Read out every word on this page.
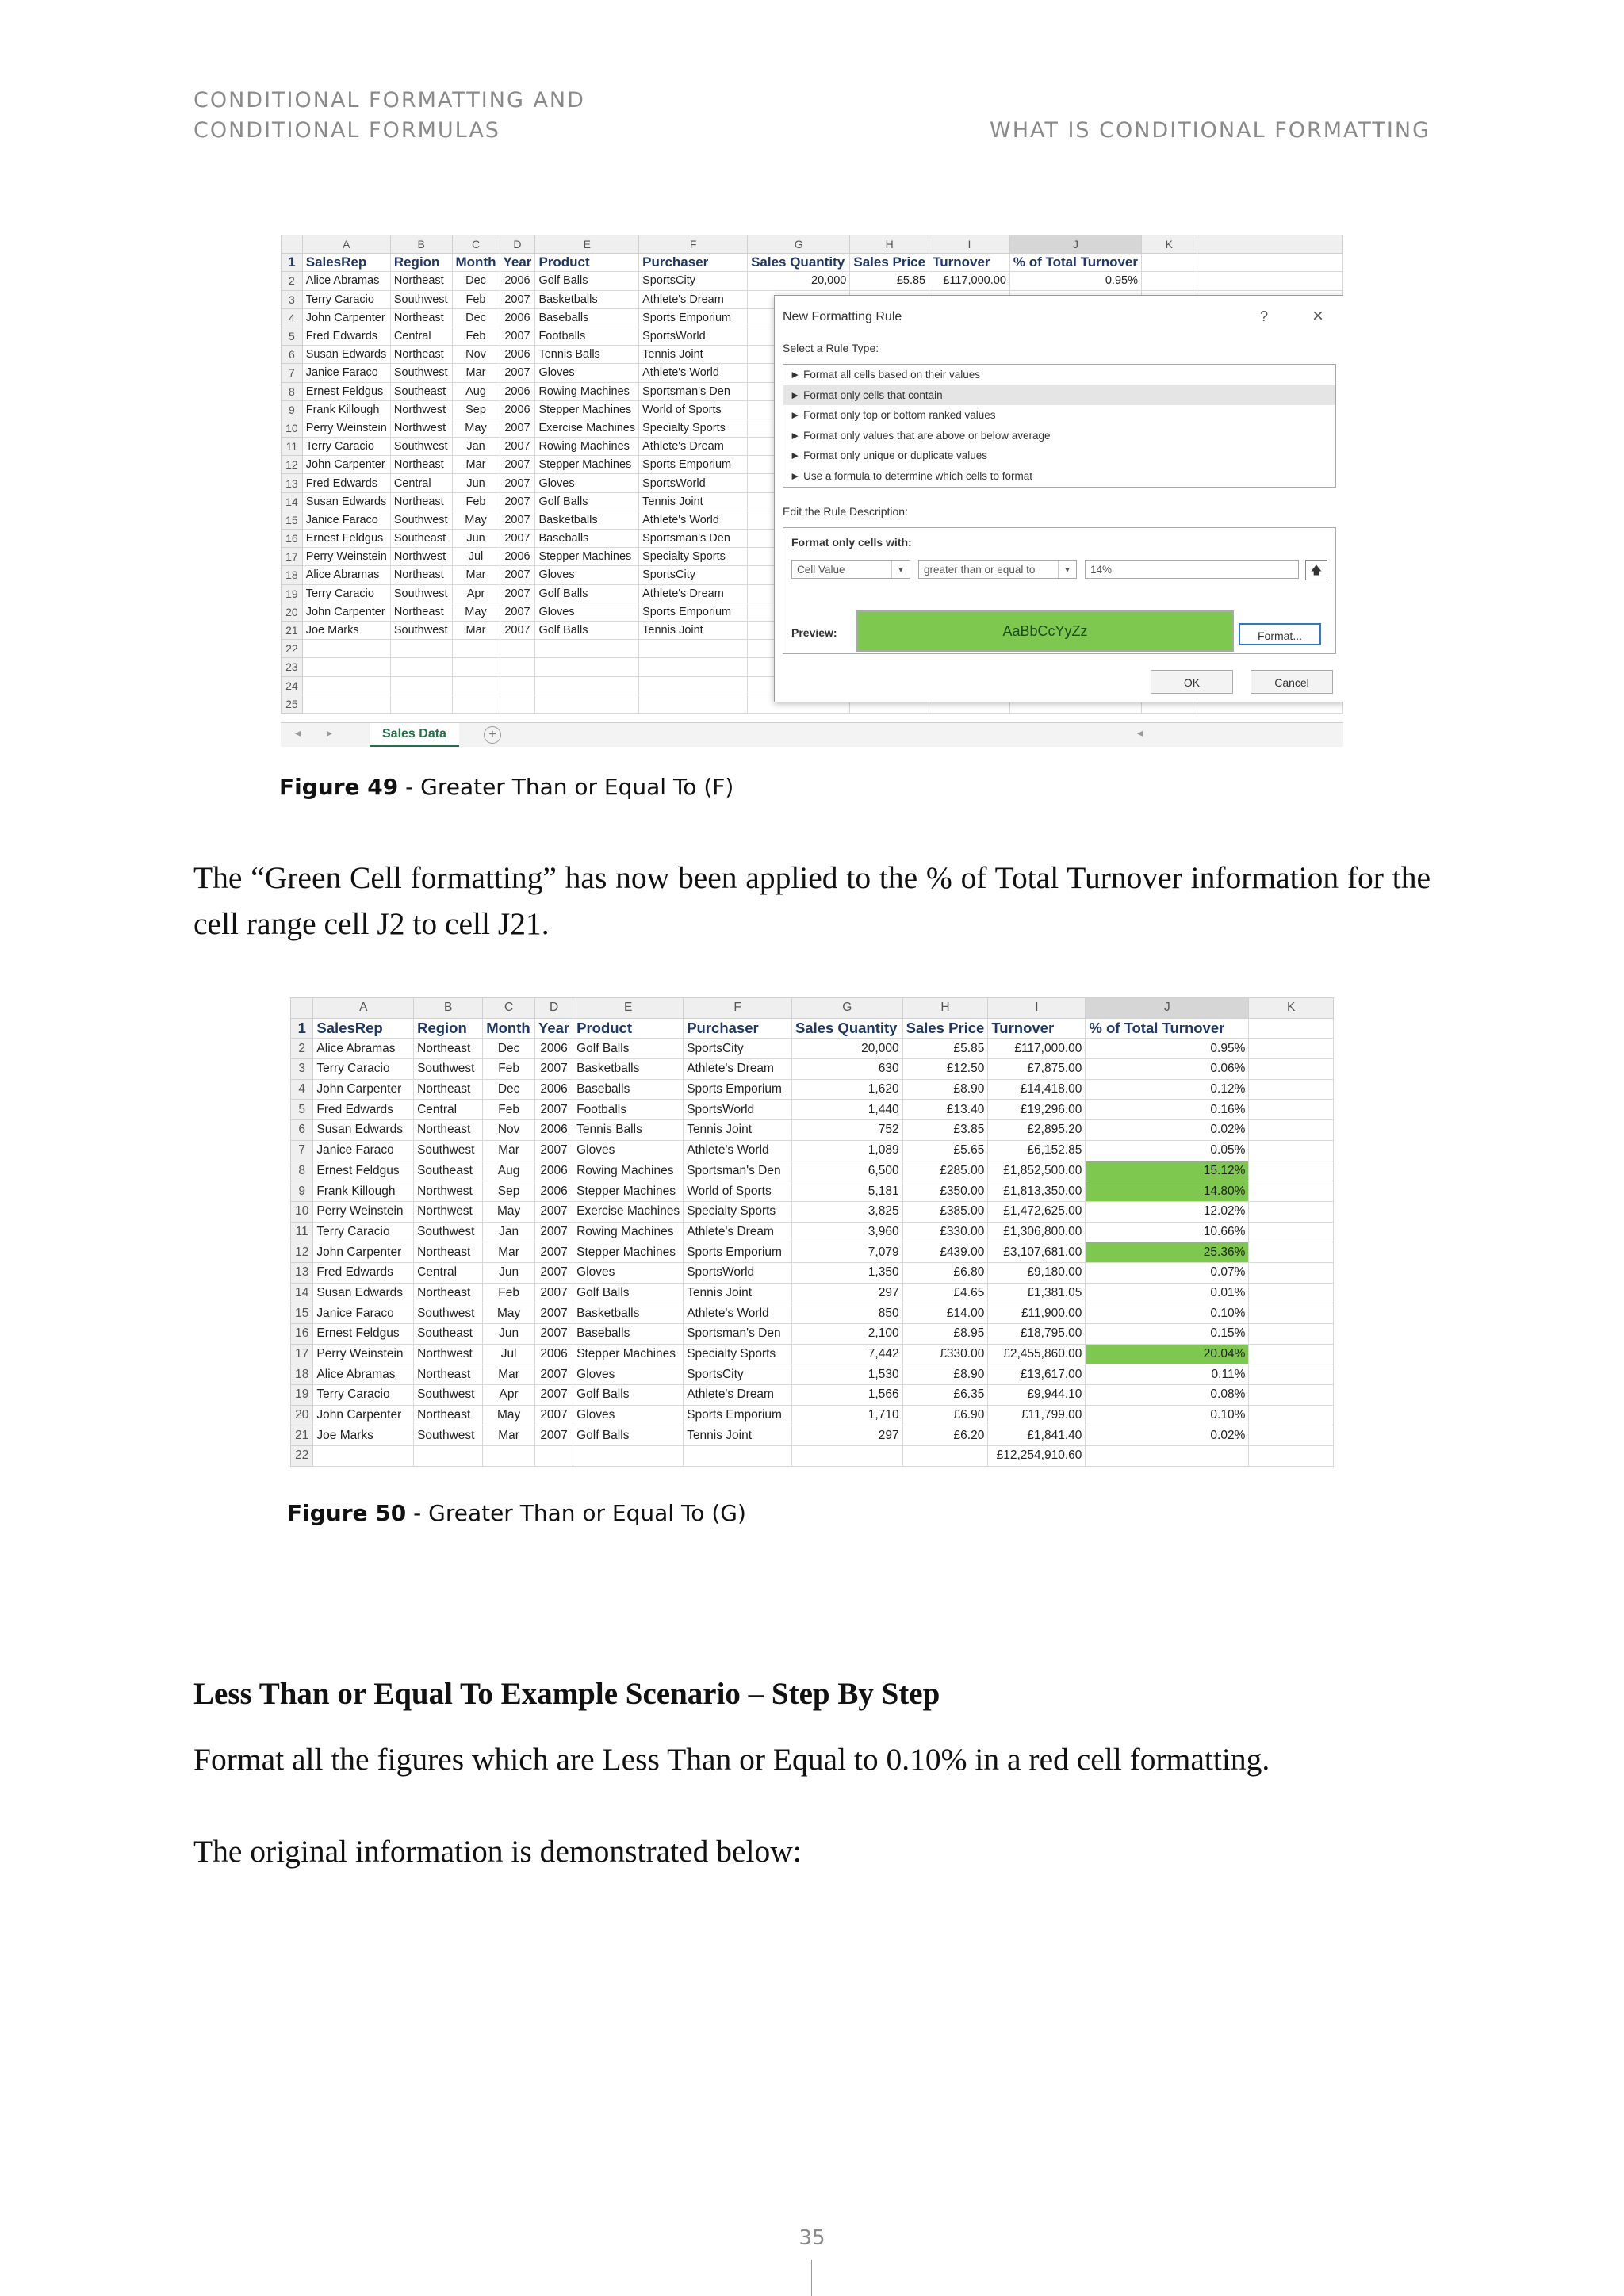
CONDITIONAL FORMATTING AND
CONDITIONAL FORMULAS	WHAT IS CONDITIONAL FORMATTING
	A	B	C	D	E	F	G	H	I	J	K	
1	SalesRep	Region	Month	Year	Product	Purchaser	Sales Quantity	Sales Price	Turnover	% of Total Turnover		
2	Alice Abramas	Northeast	Dec	2006	Golf Balls	SportsCity	20,000	£5.85	£117,000.00	0.95%		
3	Terry Caracio	Southwest	Feb	2007	Basketballs	Athlete's Dream						
4	John Carpenter	Northeast	Dec	2006	Baseballs	Sports Emporium						
5	Fred Edwards	Central	Feb	2007	Footballs	SportsWorld						
6	Susan Edwards	Northeast	Nov	2006	Tennis Balls	Tennis Joint						
7	Janice Faraco	Southwest	Mar	2007	Gloves	Athlete's World						
8	Ernest Feldgus	Southeast	Aug	2006	Rowing Machines	Sportsman's Den						
9	Frank Killough	Northwest	Sep	2006	Stepper Machines	World of Sports						
10	Perry Weinstein	Northwest	May	2007	Exercise Machines	Specialty Sports						
11	Terry Caracio	Southwest	Jan	2007	Rowing Machines	Athlete's Dream						
12	John Carpenter	Northeast	Mar	2007	Stepper Machines	Sports Emporium						
13	Fred Edwards	Central	Jun	2007	Gloves	SportsWorld						
14	Susan Edwards	Northeast	Feb	2007	Golf Balls	Tennis Joint						
15	Janice Faraco	Southwest	May	2007	Basketballs	Athlete's World						
16	Ernest Feldgus	Southeast	Jun	2007	Baseballs	Sportsman's Den						
17	Perry Weinstein	Northwest	Jul	2006	Stepper Machines	Specialty Sports						
18	Alice Abramas	Northeast	Mar	2007	Gloves	SportsCity						
19	Terry Caracio	Southwest	Apr	2007	Golf Balls	Athlete's Dream						
20	John Carpenter	Northeast	May	2007	Gloves	Sports Emporium						
21	Joe Marks	Southwest	Mar	2007	Golf Balls	Tennis Joint						
22												
23												
24												
25												
◂ ▸	Sales Data	+	◂
New Formatting Rule	? ×
Select a Rule Type:
► Format all cells based on their values
► Format only cells that contain
► Format only top or bottom ranked values
► Format only values that are above or below average
► Format only unique or duplicate values
► Use a formula to determine which cells to format
Edit the Rule Description:
Format only cells with:
Cell Value	▾	greater than or equal to	▾	14%	🡅
Preview:	AaBbCcYyZz	Format...
OK	Cancel
Figure 49 - Greater Than or Equal To (F)
The “Green Cell formatting” has now been applied to the % of Total Turnover information for the cell range cell J2 to cell J21.
	A	B	C	D	E	F	G	H	I	J	K
1	SalesRep	Region	Month	Year	Product	Purchaser	Sales Quantity	Sales Price	Turnover	% of Total Turnover	
2	Alice Abramas	Northeast	Dec	2006	Golf Balls	SportsCity	20,000	£5.85	£117,000.00	0.95%	
3	Terry Caracio	Southwest	Feb	2007	Basketballs	Athlete's Dream	630	£12.50	£7,875.00	0.06%	
4	John Carpenter	Northeast	Dec	2006	Baseballs	Sports Emporium	1,620	£8.90	£14,418.00	0.12%	
5	Fred Edwards	Central	Feb	2007	Footballs	SportsWorld	1,440	£13.40	£19,296.00	0.16%	
6	Susan Edwards	Northeast	Nov	2006	Tennis Balls	Tennis Joint	752	£3.85	£2,895.20	0.02%	
7	Janice Faraco	Southwest	Mar	2007	Gloves	Athlete's World	1,089	£5.65	£6,152.85	0.05%	
8	Ernest Feldgus	Southeast	Aug	2006	Rowing Machines	Sportsman's Den	6,500	£285.00	£1,852,500.00	15.12%	
9	Frank Killough	Northwest	Sep	2006	Stepper Machines	World of Sports	5,181	£350.00	£1,813,350.00	14.80%	
10	Perry Weinstein	Northwest	May	2007	Exercise Machines	Specialty Sports	3,825	£385.00	£1,472,625.00	12.02%	
11	Terry Caracio	Southwest	Jan	2007	Rowing Machines	Athlete's Dream	3,960	£330.00	£1,306,800.00	10.66%	
12	John Carpenter	Northeast	Mar	2007	Stepper Machines	Sports Emporium	7,079	£439.00	£3,107,681.00	25.36%	
13	Fred Edwards	Central	Jun	2007	Gloves	SportsWorld	1,350	£6.80	£9,180.00	0.07%	
14	Susan Edwards	Northeast	Feb	2007	Golf Balls	Tennis Joint	297	£4.65	£1,381.05	0.01%	
15	Janice Faraco	Southwest	May	2007	Basketballs	Athlete's World	850	£14.00	£11,900.00	0.10%	
16	Ernest Feldgus	Southeast	Jun	2007	Baseballs	Sportsman's Den	2,100	£8.95	£18,795.00	0.15%	
17	Perry Weinstein	Northwest	Jul	2006	Stepper Machines	Specialty Sports	7,442	£330.00	£2,455,860.00	20.04%	
18	Alice Abramas	Northeast	Mar	2007	Gloves	SportsCity	1,530	£8.90	£13,617.00	0.11%	
19	Terry Caracio	Southwest	Apr	2007	Golf Balls	Athlete's Dream	1,566	£6.35	£9,944.10	0.08%	
20	John Carpenter	Northeast	May	2007	Gloves	Sports Emporium	1,710	£6.90	£11,799.00	0.10%	
21	Joe Marks	Southwest	Mar	2007	Golf Balls	Tennis Joint	297	£6.20	£1,841.40	0.02%	
22									£12,254,910.60		
Figure 50 - Greater Than or Equal To (G)
Less Than or Equal To Example Scenario – Step By Step
Format all the figures which are Less Than or Equal to 0.10% in a red cell formatting.
The original information is demonstrated below:
35
